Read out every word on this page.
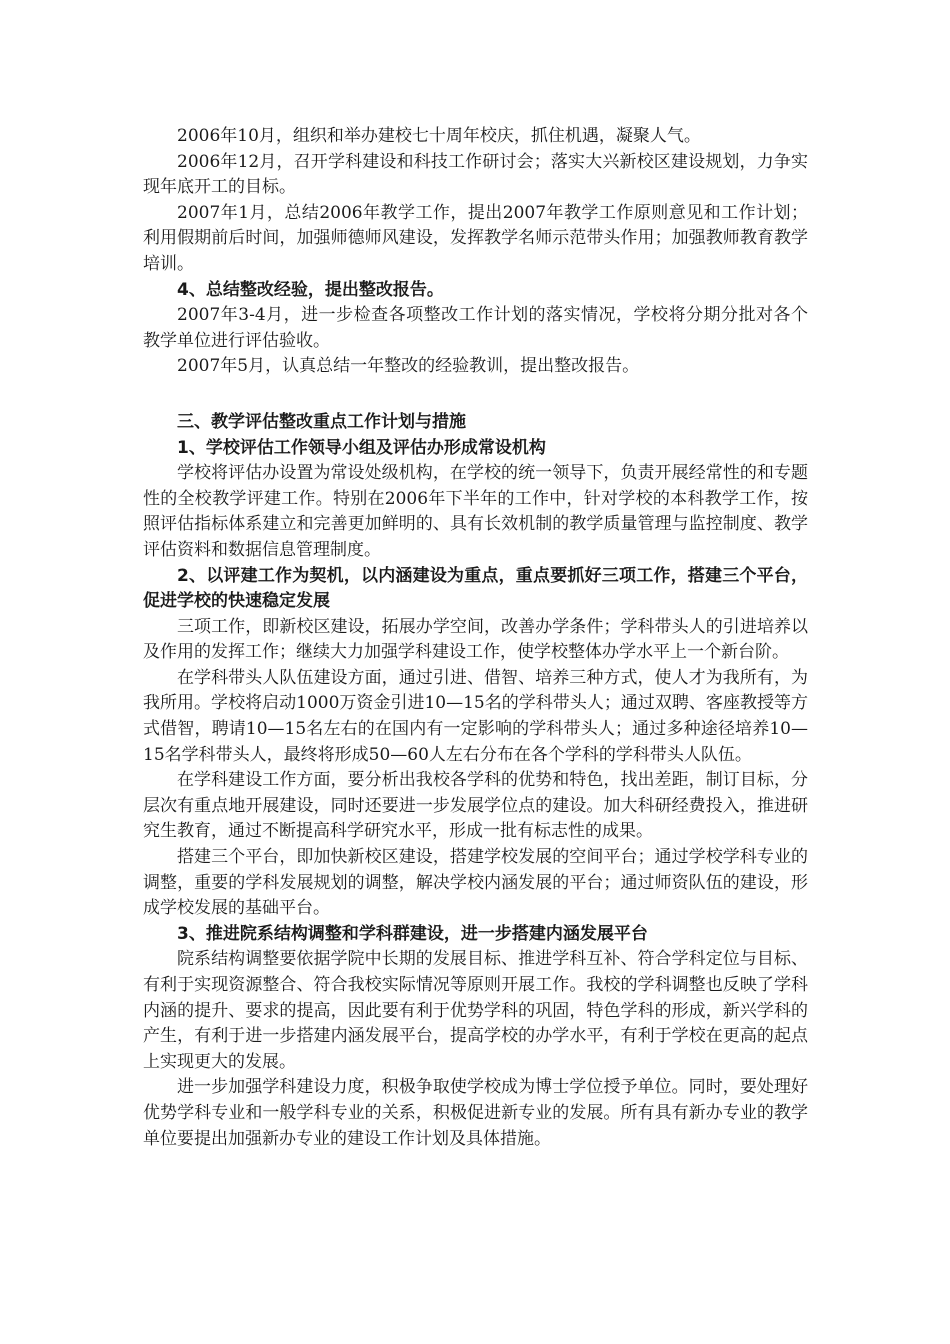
2006年10月，组织和举办建校七十周年校庆，抓住机遇，凝聚人气。

2006年12月，召开学科建设和科技工作研讨会；落实大兴新校区建设规划，力争实现年底开工的目标。

2007年1月，总结2006年教学工作，提出2007年教学工作原则意见和工作计划；利用假期前后时间，加强师德师风建设，发挥教学名师示范带头作用；加强教师教育教学培训。

4、总结整改经验，提出整改报告。

2007年3-4月，进一步检查各项整改工作计划的落实情况，学校将分期分批对各个教学单位进行评估验收。

2007年5月，认真总结一年整改的经验教训，提出整改报告。

三、教学评估整改重点工作计划与措施

1、学校评估工作领导小组及评估办形成常设机构

学校将评估办设置为常设处级机构，在学校的统一领导下，负责开展经常性的和专题性的全校教学评建工作。特别在2006年下半年的工作中，针对学校的本科教学工作，按照评估指标体系建立和完善更加鲜明的、具有长效机制的教学质量管理与监控制度、教学评估资料和数据信息管理制度。

2、以评建工作为契机，以内涵建设为重点，重点要抓好三项工作，搭建三个平台，促进学校的快速稳定发展

三项工作，即新校区建设，拓展办学空间，改善办学条件；学科带头人的引进培养以及作用的发挥工作；继续大力加强学科建设工作，使学校整体办学水平上一个新台阶。

在学科带头人队伍建设方面，通过引进、借智、培养三种方式，使人才为我所有，为我所用。学校将启动1000万资金引进10—15名的学科带头人；通过双聘、客座教授等方式借智，聘请10—15名左右的在国内有一定影响的学科带头人；通过多种途径培养10—15名学科带头人，最终将形成50—60人左右分布在各个学科的学科带头人队伍。

在学科建设工作方面，要分析出我校各学科的优势和特色，找出差距，制订目标，分层次有重点地开展建设，同时还要进一步发展学位点的建设。加大科研经费投入，推进研究生教育，通过不断提高科学研究水平，形成一批有标志性的成果。

搭建三个平台，即加快新校区建设，搭建学校发展的空间平台；通过学校学科专业的调整，重要的学科发展规划的调整，解决学校内涵发展的平台；通过师资队伍的建设，形成学校发展的基础平台。

3、推进院系结构调整和学科群建设，进一步搭建内涵发展平台

院系结构调整要依据学院中长期的发展目标、推进学科互补、符合学科定位与目标、有利于实现资源整合、符合我校实际情况等原则开展工作。我校的学科调整也反映了学科内涵的提升、要求的提高，因此要有利于优势学科的巩固，特色学科的形成，新兴学科的产生，有利于进一步搭建内涵发展平台，提高学校的办学水平，有利于学校在更高的起点上实现更大的发展。

进一步加强学科建设力度，积极争取使学校成为博士学位授予单位。同时，要处理好优势学科专业和一般学科专业的关系，积极促进新专业的发展。所有具有新办专业的教学单位要提出加强新办专业的建设工作计划及具体措施。
